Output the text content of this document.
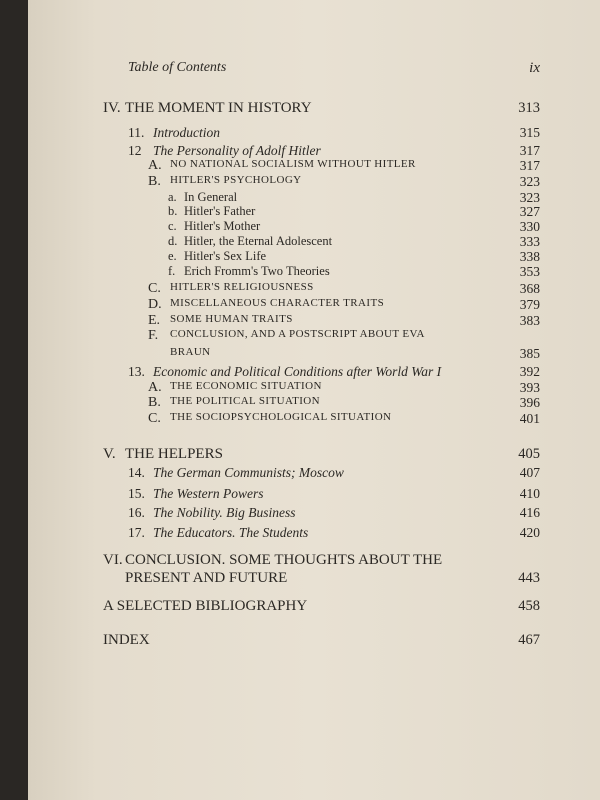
Table of Contents	ix
IV. THE MOMENT IN HISTORY	313
11. Introduction	315
12 The Personality of Adolf Hitler	317
A. NO NATIONAL SOCIALISM WITHOUT HITLER	317
B. HITLER'S PSYCHOLOGY	323
a. In General	323
b. Hitler's Father	327
c. Hitler's Mother	330
d. Hitler, the Eternal Adolescent	333
e. Hitler's Sex Life	338
f. Erich Fromm's Two Theories	353
C. HITLER'S RELIGIOUSNESS	368
D. MISCELLANEOUS CHARACTER TRAITS	379
E. SOME HUMAN TRAITS	383
F. CONCLUSION, AND A POSTSCRIPT ABOUT EVA
BRAUN	385
13. Economic and Political Conditions after World War I	392
A. THE ECONOMIC SITUATION	393
B. THE POLITICAL SITUATION	396
C. THE SOCIOPSYCHOLOGICAL SITUATION	401
V. THE HELPERS	405
14. The German Communists; Moscow	407
15. The Western Powers	410
16. The Nobility. Big Business	416
17. The Educators. The Students	420
VI. CONCLUSION. SOME THOUGHTS ABOUT THE
PRESENT AND FUTURE	443
A SELECTED BIBLIOGRAPHY	458
INDEX	467
